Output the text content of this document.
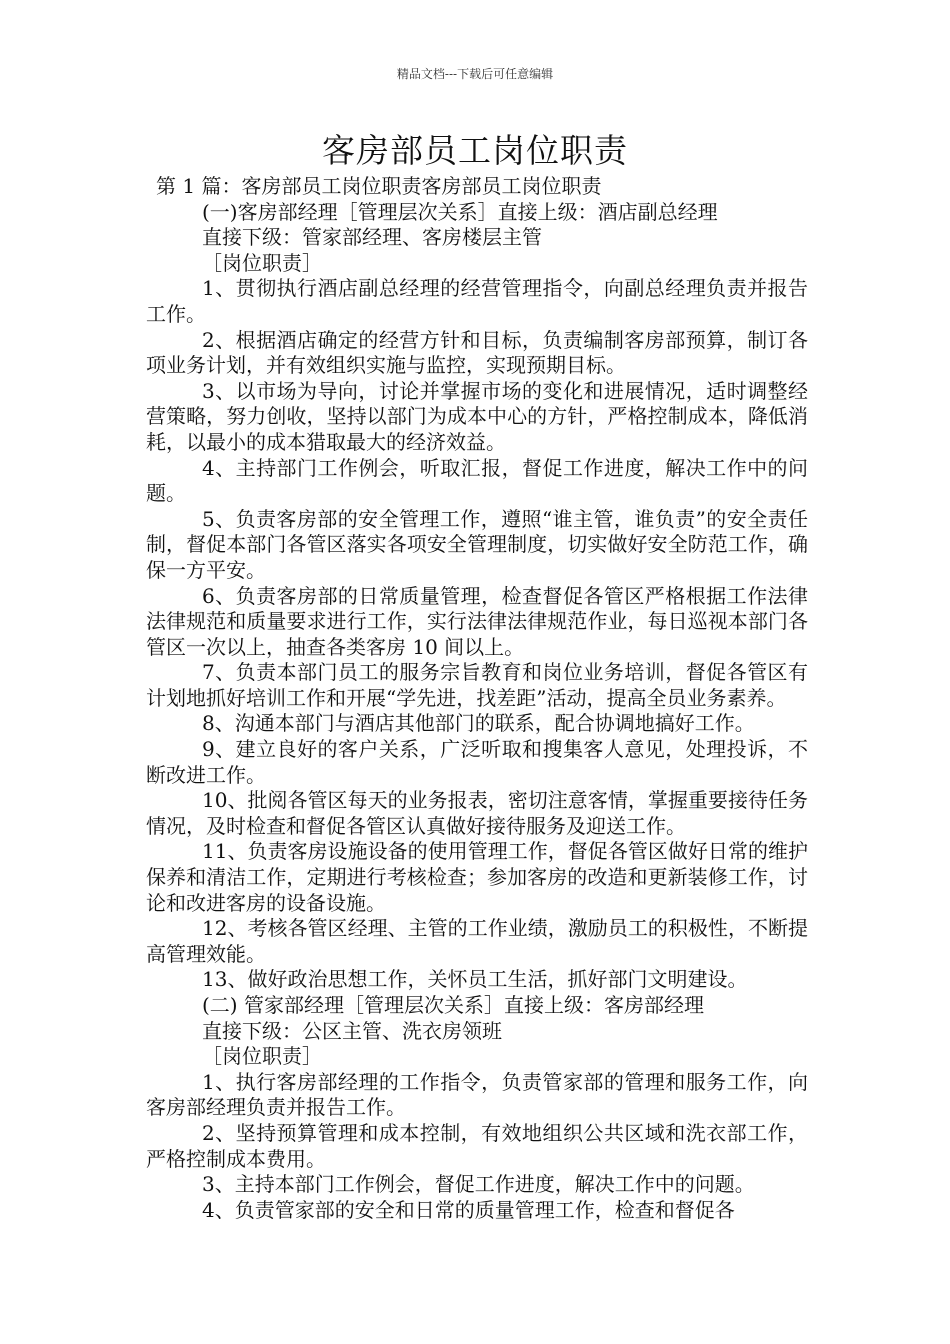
精品文档---下载后可任意编辑
客房部员工岗位职责

第 1 篇：客房部员工岗位职责客房部员工岗位职责

(一)客房部经理［管理层次关系］直接上级：酒店副总经理

直接下级：管家部经理、客房楼层主管

［岗位职责］

1、贯彻执行酒店副总经理的经营管理指令，向副总经理负责并报告工作。

2、根据酒店确定的经营方针和目标，负责编制客房部预算，制订各项业务计划，并有效组织实施与监控，实现预期目标。

3、以市场为导向，讨论并掌握市场的变化和进展情况，适时调整经营策略，努力创收，坚持以部门为成本中心的方针，严格控制成本，降低消耗，以最小的成本猎取最大的经济效益。

4、主持部门工作例会，听取汇报，督促工作进度，解决工作中的问题。

5、负责客房部的安全管理工作，遵照“谁主管，谁负责”的安全责任制，督促本部门各管区落实各项安全管理制度，切实做好安全防范工作，确保一方平安。

6、负责客房部的日常质量管理，检查督促各管区严格根据工作法律法律规范和质量要求进行工作，实行法律法律规范作业，每日巡视本部门各管区一次以上，抽查各类客房 10 间以上。

7、负责本部门员工的服务宗旨教育和岗位业务培训，督促各管区有计划地抓好培训工作和开展“学先进，找差距”活动，提高全员业务素养。

8、沟通本部门与酒店其他部门的联系，配合协调地搞好工作。

9、建立良好的客户关系，广泛听取和搜集客人意见，处理投诉，不断改进工作。

10、批阅各管区每天的业务报表，密切注意客情，掌握重要接待任务情况，及时检查和督促各管区认真做好接待服务及迎送工作。

11、负责客房设施设备的使用管理工作，督促各管区做好日常的维护保养和清洁工作，定期进行考核检查；参加客房的改造和更新装修工作，讨论和改进客房的设备设施。

12、考核各管区经理、主管的工作业绩，激励员工的积极性，不断提高管理效能。

13、做好政治思想工作，关怀员工生活，抓好部门文明建设。

(二) 管家部经理［管理层次关系］直接上级：客房部经理

直接下级：公区主管、洗衣房领班

［岗位职责］

1、执行客房部经理的工作指令，负责管家部的管理和服务工作，向客房部经理负责并报告工作。

2、坚持预算管理和成本控制，有效地组织公共区域和洗衣部工作，严格控制成本费用。

3、主持本部门工作例会，督促工作进度，解决工作中的问题。

4、负责管家部的安全和日常的质量管理工作，检查和督促各
